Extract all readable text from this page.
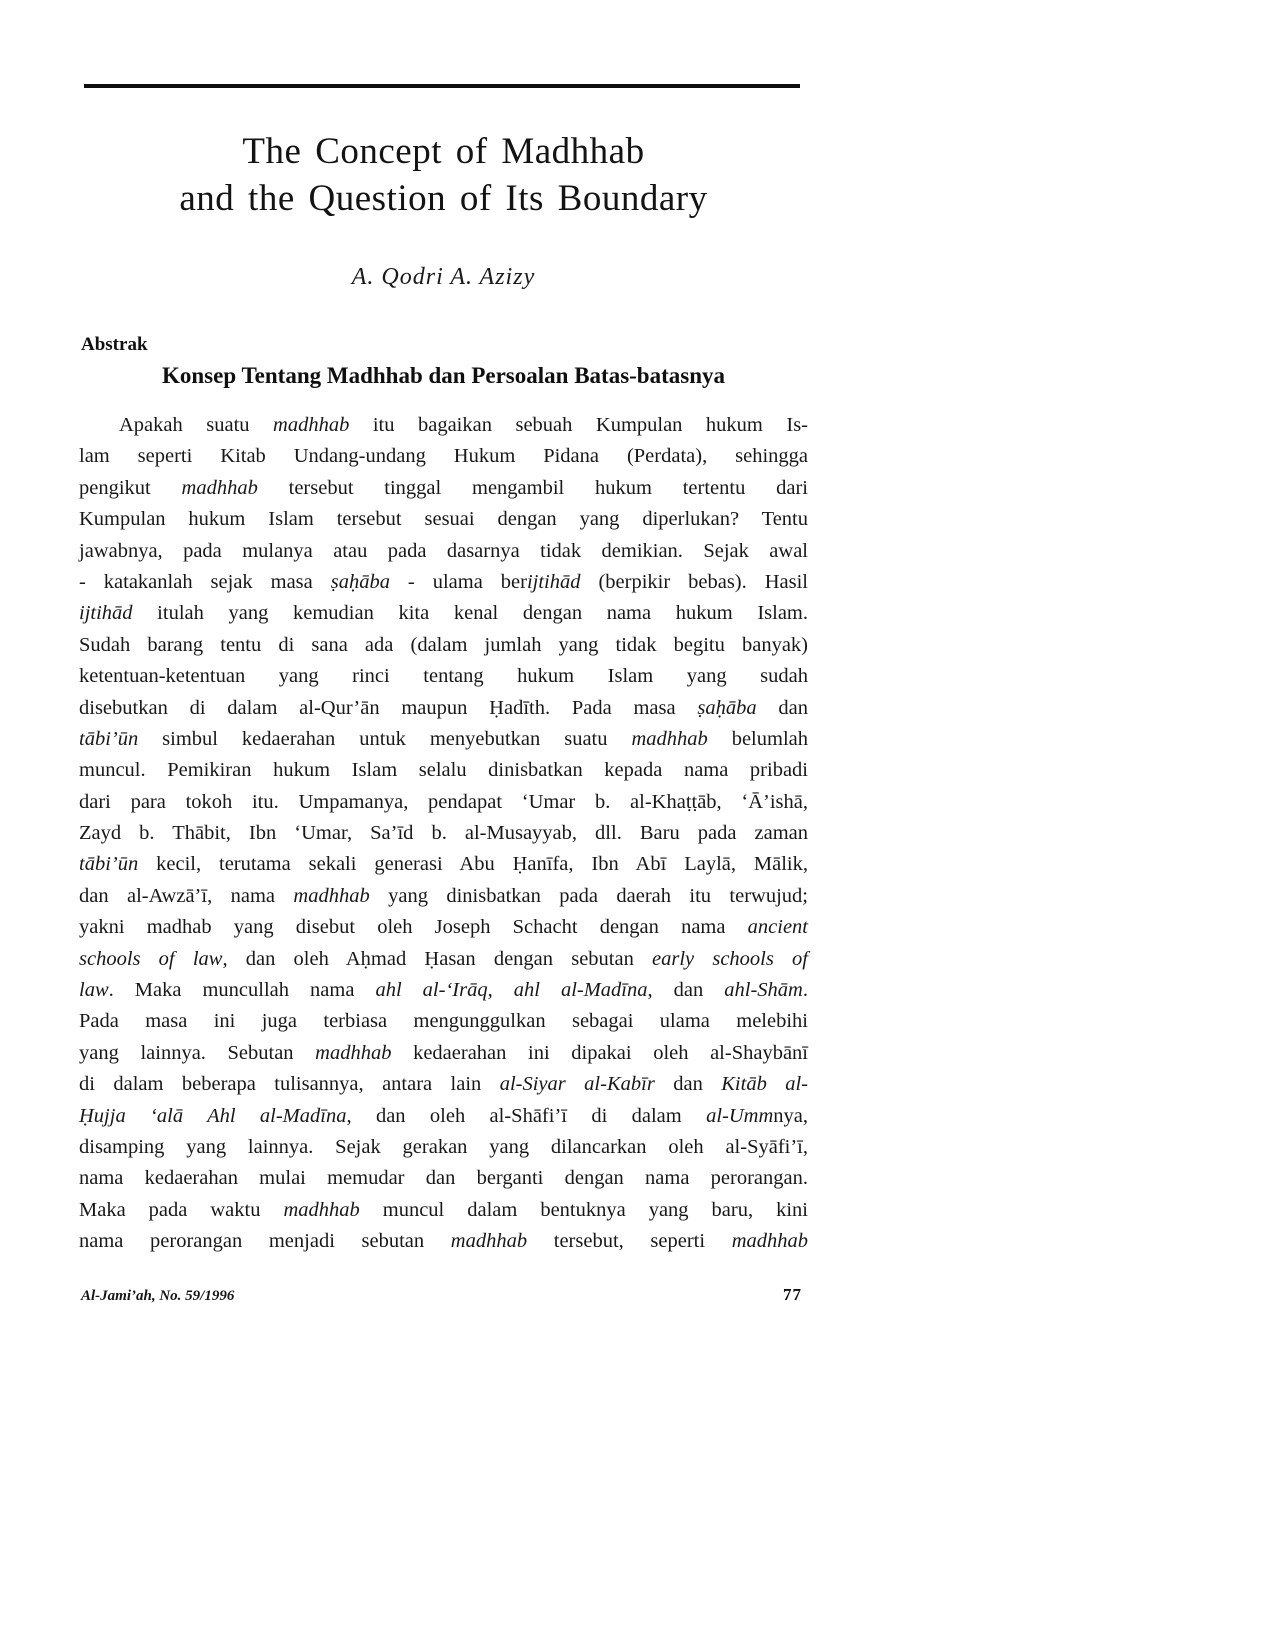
The Concept of Madhhab
and the Question of Its Boundary
A. Qodri A. Azizy
Abstrak
Konsep Tentang Madhhab dan Persoalan Batas-batasnya
Apakah suatu madhhab itu bagaikan sebuah Kumpulan hukum Is-
lam seperti Kitab Undang-undang Hukum Pidana (Perdata), sehingga
pengikut madhhab tersebut tinggal mengambil hukum tertentu dari
Kumpulan hukum Islam tersebut sesuai dengan yang diperlukan? Tentu
jawabnya, pada mulanya atau pada dasarnya tidak demikian. Sejak awal
- katakanlah sejak masa ṣaḥāba - ulama berijtihād (berpikir bebas). Hasil
ijtihād itulah yang kemudian kita kenal dengan nama hukum Islam.
Sudah barang tentu di sana ada (dalam jumlah yang tidak begitu banyak)
ketentuan-ketentuan yang rinci tentang hukum Islam yang sudah
disebutkan di dalam al-Qur’ān maupun Ḥadīth. Pada masa ṣaḥāba dan
tābi’ūn simbul kedaerahan untuk menyebutkan suatu madhhab belumlah
muncul. Pemikiran hukum Islam selalu dinisbatkan kepada nama pribadi
dari para tokoh itu. Umpamanya, pendapat ‘Umar b. al-Khaṭṭāb, ‘Ā’ishā,
Zayd b. Thābit, Ibn ‘Umar, Sa’īd b. al-Musayyab, dll. Baru pada zaman
tābi’ūn kecil, terutama sekali generasi Abu Ḥanīfa, Ibn Abī Laylā, Mālik,
dan al-Awzā’ī, nama madhhab yang dinisbatkan pada daerah itu terwujud;
yakni madhab yang disebut oleh Joseph Schacht dengan nama ancient
schools of law, dan oleh Aḥmad Ḥasan dengan sebutan early schools of
law. Maka muncullah nama ahl al-‘Irāq, ahl al-Madīna, dan ahl-Shām.
Pada masa ini juga terbiasa mengunggulkan sebagai ulama melebihi
yang lainnya. Sebutan madhhab kedaerahan ini dipakai oleh al-Shaybānī
di dalam beberapa tulisannya, antara lain al-Siyar al-Kabīr dan Kitāb al-
Ḥujja ‘alā Ahl al-Madīna, dan oleh al-Shāfi’ī di dalam al-Ummnya,
disamping yang lainnya. Sejak gerakan yang dilancarkan oleh al-Syāfi’ī,
nama kedaerahan mulai memudar dan berganti dengan nama perorangan.
Maka pada waktu madhhab muncul dalam bentuknya yang baru, kini
nama perorangan menjadi sebutan madhhab tersebut, seperti madhhab
Al-Jami’ah, No. 59/1996	77
